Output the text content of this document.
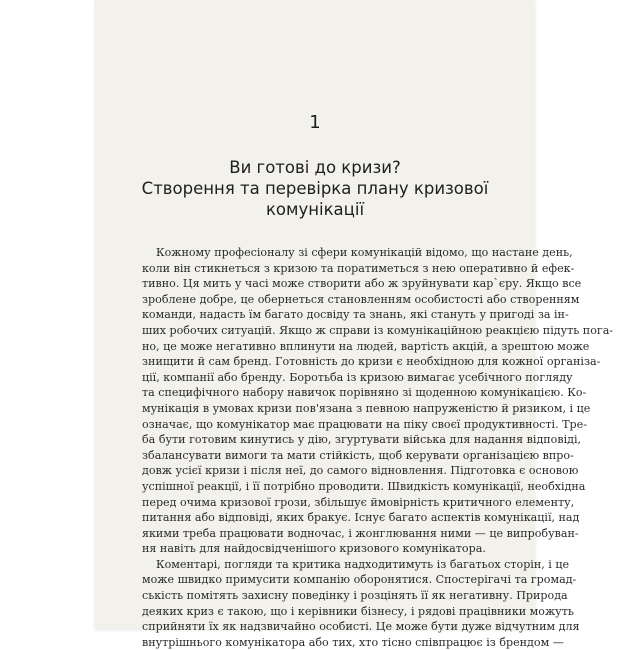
1
Ви готові до кризи?
Створення та перевірка плану кризової
комунікації
Кожному професіоналу зі сфери комунікацій відомо, що настане день,
коли він стикнеться з кризою та поратиметься з нею оперативно й ефек-
тивно. Ця мить у часі може створити або ж зруйнувати кар`єру. Якщо все
зроблене добре, це обернеться становленням особистості або створенням
команди, надасть їм багато досвіду та знань, які стануть у пригоді за ін-
ших робочих ситуацій. Якщо ж справи із комунікаційною реакцією підуть пога-
но, це може негативно вплинути на людей, вартість акцій, а зрештою може
знищити й сам бренд. Готовність до кризи є необхідною для кожної організа-
ції, компанії або бренду. Боротьба із кризою вимагає усебічного погляду
та специфічного набору навичок порівняно зі щоденною комунікацією. Ко-
мунікація в умовах кризи пов'язана з певною напруженістю й ризиком, і це
означає, що комунікатор має працювати на піку своєї продуктивності. Тре-
ба бути готовим кинутись у дію, згуртувати війська для надання відповіді,
збалансувати вимоги та мати стійкість, щоб керувати організацією впро-
довж усієї кризи і після неї, до самого відновлення. Підготовка є основою
успішної реакції, і її потрібно проводити. Швидкість комунікації, необхідна
перед очима кризової грози, збільшує ймовірність критичного елементу,
питання або відповіді, яких бракує. Існує багато аспектів комунікації, над
якими треба працювати водночас, і жонглювання ними — це випробуван-
ня навіть для найдосвідченішого кризового комунікатора.
Коментарі, погляди та критика надходитимуть із багатьох сторін, і це
може швидко примусити компанію оборонятися. Спостерігачі та громад-
ськість помітять захисну поведінку і розцінять її як негативну. Природа
деяких криз є такою, що і керівники бізнесу, і рядові працівники можуть
сприйняти їх як надзвичайно особисті. Це може бути дуже відчутним для
внутрішнього комунікатора або тих, хто тісно співпрацює із брендом —
